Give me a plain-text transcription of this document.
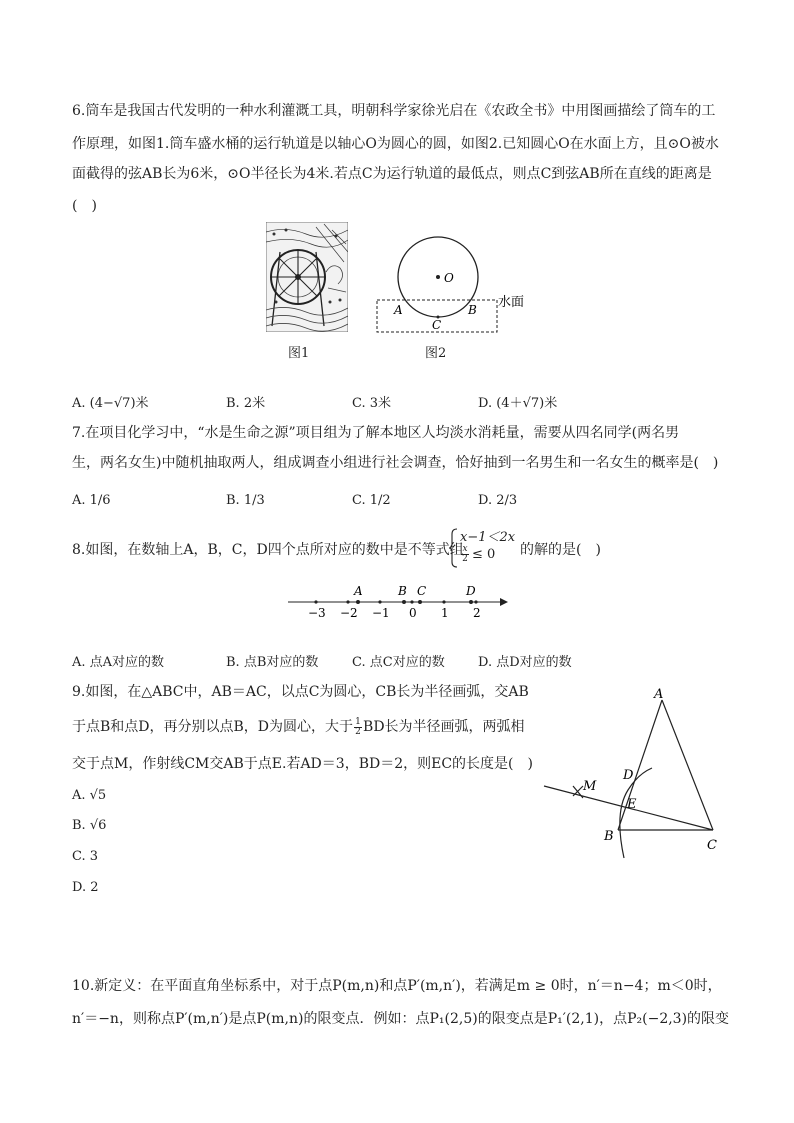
6.筒车是我国古代发明的一种水利灌溉工具，明朝科学家徐光启在《农政全书》中用图画描绘了筒车的工

作原理，如图1.筒车盛水桶的运行轨道是以轴心O为圆心的圆，如图2.已知圆心O在水面上方，且⊙O被水

面截得的弦AB长为6米，⊙O半径长为4米.若点C为运行轨道的最低点，则点C到弦AB所在直线的距离是

(　)

图1
O
A	B
C
水面
图2
A. (4−√7)米	B. 2米	C. 3米	D. (4＋√7)米

7.在项目化学习中，“水是生命之源”项目组为了解本地区人均淡水消耗量，需要从四名同学(两名男

生，两名女生)中随机抽取两人，组成调查小组进行社会调查，恰好抽到一名男生和一名女生的概率是(　)

A. 1/6	B. 1/3	C. 1/2	D. 2/3

8.如图，在数轴上A，B，C，D四个点所对应的数中是不等式组

x−1＜2x
$\frac{x}{2} \le 0$ 的解的是(　)
−3 −2 −1 0 1 2
A	B C	D
A. 点A对应的数	B. 点B对应的数	C. 点C对应的数	D. 点D对应的数

9.如图，在△ABC中，AB＝AC，以点C为圆心，CB长为半径画弧，交AB

于点B和点D，再分别以点B，D为圆心，大于 $\frac{1}{2}$ BD长为半径画弧，两弧相

交于点M，作射线CM交AB于点E.若AD＝3，BD＝2，则EC的长度是(　)

A. √5
B. √6
C. 3
D. 2
A
B
C
D
E
M

10.新定义：在平面直角坐标系中，对于点P(m,n)和点P′(m,n′)，若满足m ≥ 0时，n′＝n−4；m＜0时，

n′＝−n，则称点P′(m,n′)是点P(m,n)的限变点．例如：点P₁(2,5)的限变点是P₁′(2,1)，点P₂(−2,3)的限变
